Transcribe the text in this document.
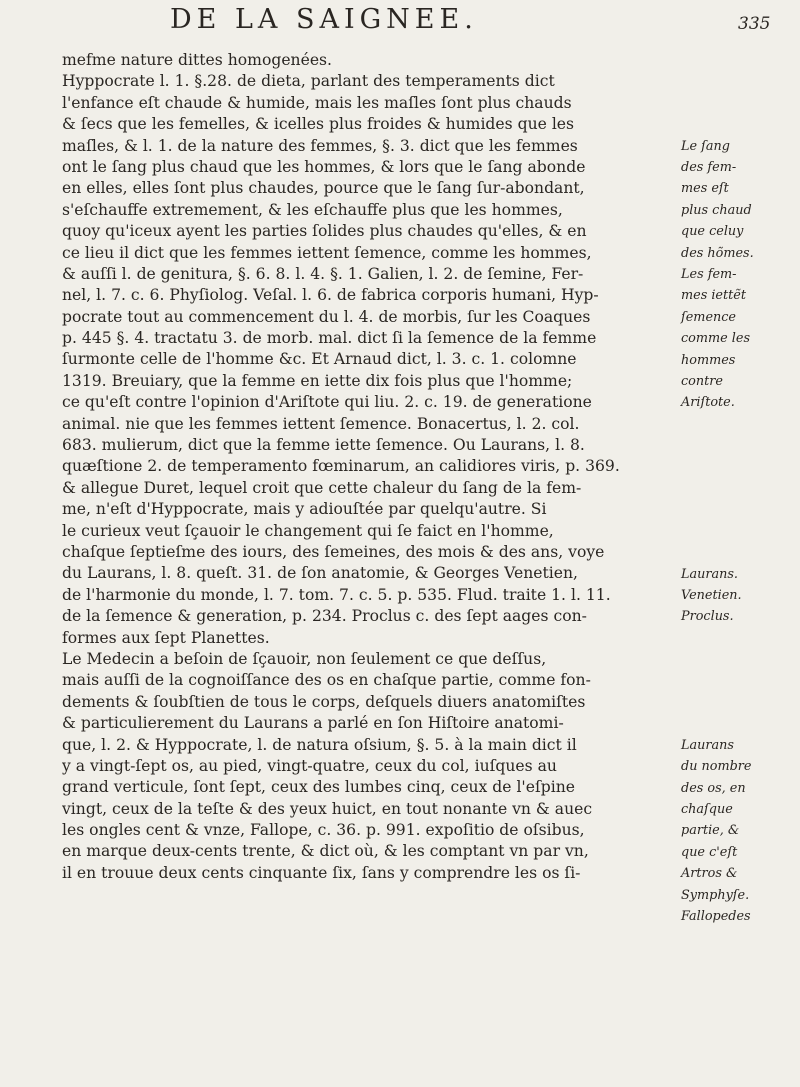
DE LA SAIGNEE.	335
mefme nature dittes homogenées.
Hyppocrate l. 1. §.28. de dieta, parlant des temperaments dict
l'enfance eſt chaude & humide, mais les maſles ſont plus chauds
& ſecs que les femelles, & icelles plus froides & humides que les
maſles, & l. 1. de la nature des femmes, §. 3. dict que les femmes
ont le ſang plus chaud que les hommes, & lors que le ſang abonde
en elles, elles ſont plus chaudes, pource que le ſang ſur-abondant,
s'eſchauffe extremement, & les eſchauffe plus que les hommes,
quoy qu'iceux ayent les parties ſolides plus chaudes qu'elles, & en
ce lieu il dict que les femmes iettent ſemence, comme les hommes,
& auſſi l. de genitura, §. 6. 8. l. 4. §. 1. Galien, l. 2. de ſemine, Fer-
nel, l. 7. c. 6. Phyſiolog. Veſal. l. 6. de fabrica corporis humani, Hyp-
pocrate tout au commencement du l. 4. de morbis, ſur les Coaques
p. 445 §. 4. tractatu 3. de morb. mal. dict ſi la ſemence de la femme
ſurmonte celle de l'homme &c. Et Arnaud dict, l. 3. c. 1. colomne
1319. Breuiary, que la femme en iette dix fois plus que l'homme;
ce qu'eſt contre l'opinion d'Ariſtote qui liu. 2. c. 19. de generatione
animal. nie que les femmes iettent ſemence. Bonacertus, l. 2. col.
683. mulierum, dict que la femme iette ſemence. Ou Laurans, l. 8.
quæſtione 2. de temperamento fœminarum, an calidiores viris, p. 369.
& allegue Duret, lequel croit que cette chaleur du ſang de la fem-
me, n'eſt d'Hyppocrate, mais y adiouſtée par quelqu'autre. Si
le curieux veut ſçauoir le changement qui ſe faict en l'homme,
chaſque ſeptieſme des iours, des ſemeines, des mois & des ans, voye
du Laurans, l. 8. queſt. 31. de ſon anatomie, & Georges Venetien,
de l'harmonie du monde, l. 7. tom. 7. c. 5. p. 535. Flud. traite 1. l. 11.
de la ſemence & generation, p. 234. Proclus c. des ſept aages con-
formes aux ſept Planettes.
Le Medecin a beſoin de ſçauoir, non ſeulement ce que deſſus,
mais auſſi de la cognoiſſance des os en chaſque partie, comme fon-
dements & ſoubſtien de tous le corps, deſquels diuers anatomiſtes
& particulierement du Laurans a parlé en ſon Hiſtoire anatomi-
que, l. 2. & Hyppocrate, l. de natura oſsium, §. 5. à la main dict il
y a vingt-ſept os, au pied, vingt-quatre, ceux du col, iuſques au
grand verticule, ſont ſept, ceux des lumbes cinq, ceux de l'eſpine
vingt, ceux de la teſte & des yeux huict, en tout nonante vn & auec
les ongles cent & vnze, Fallope, c. 36. p. 991. expoſitio de oſsibus,
en marque deux-cents trente, & dict où, & les comptant vn par vn,
il en trouue deux cents cinquante ſix, ſans y comprendre les os ſi-
Le ſang
des fem-
mes eſt
plus chaud
que celuy
des hõmes.
Les fem-
mes iettẽt
ſemence
comme les
hommes
contre
Ariſtote.
Laurans.
Venetien.
Proclus.
Laurans
du nombre
des os, en
chaſque
partie, &
que c'eſt
Artros &
Symphyſe.
Fallopedes
